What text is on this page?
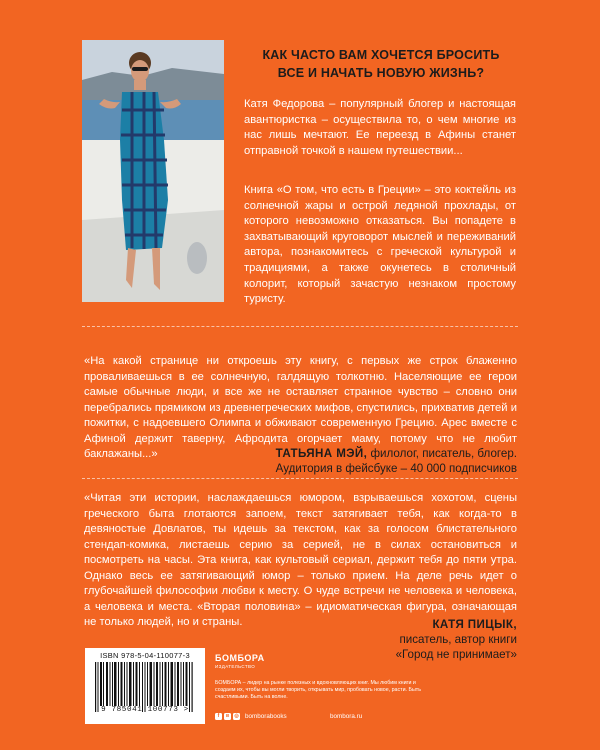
КАК ЧАСТО ВАМ ХОЧЕТСЯ БРОСИТЬ
ВСЕ И НАЧАТЬ НОВУЮ ЖИЗНЬ?

Катя Федорова – популярный блогер и настоящая авантюристка – осуществила то, о чем многие из нас лишь мечтают. Ее переезд в Афины станет отправной точкой в нашем путешествии...

Книга «О том, что есть в Греции» – это коктейль из солнечной жары и острой ледяной прохлады, от которого невозможно отказаться. Вы попадете в захватывающий круговорот мыслей и переживаний автора, познакомитесь с греческой культурой и традициями, а также окунетесь в столичный колорит, который зачастую незнаком простому туристу.

«На какой странице ни откроешь эту книгу, с первых же строк блаженно проваливаешься в ее солнечную, галдящую толкотню. Населяющие ее герои самые обычные люди, и все же не оставляет странное чувство – словно они перебрались прямиком из древнегреческих мифов, спустились, прихватив детей и пожитки, с надоевшего Олимпа и обживают современную Грецию. Арес вместе с Афиной держит таверну, Афродита огорчает маму, потому что не любит баклажаны...»	ТАТЬЯНА МЭЙ, филолог, писатель, блогер.
Аудитория в фейсбуке – 40 000 подписчиков

«Читая эти истории, наслаждаешься юмором, взрываешься хохотом, сцены греческого быта глотаются запоем, текст затягивает тебя, как когда-то в девяностые Довлатов, ты идешь за текстом, как за голосом блистательного стендап-комика, листаешь серию за серией, не в силах остановиться и посмотреть на часы. Эта книга, как культовый сериал, держит тебя до пяти утра. Однако весь ее затягивающий юмор – только прием. На деле речь идет о глубочайшей философии любви к месту. О чуде встречи не человека и человека, а человека и места. «Вторая половина» – идиоматическая фигура, означающая не только людей, но и страны.	КАТЯ ПИЦЫК,
писатель, автор книги
«Город не принимает»
ISBN 978-5-04-110077-3
9 785041 100773 >
БОМБОРА
ИЗДАТЕЛЬСТВО

БОМБОРА – лидер на рынке полезных и вдохновляющих книг. Мы любим книги и создаем их, чтобы вы могли творить, открывать мир, пробовать новое, расти. Быть счастливыми. Быть на волне.

f	в	◎ bomborabooks	bombora.ru
